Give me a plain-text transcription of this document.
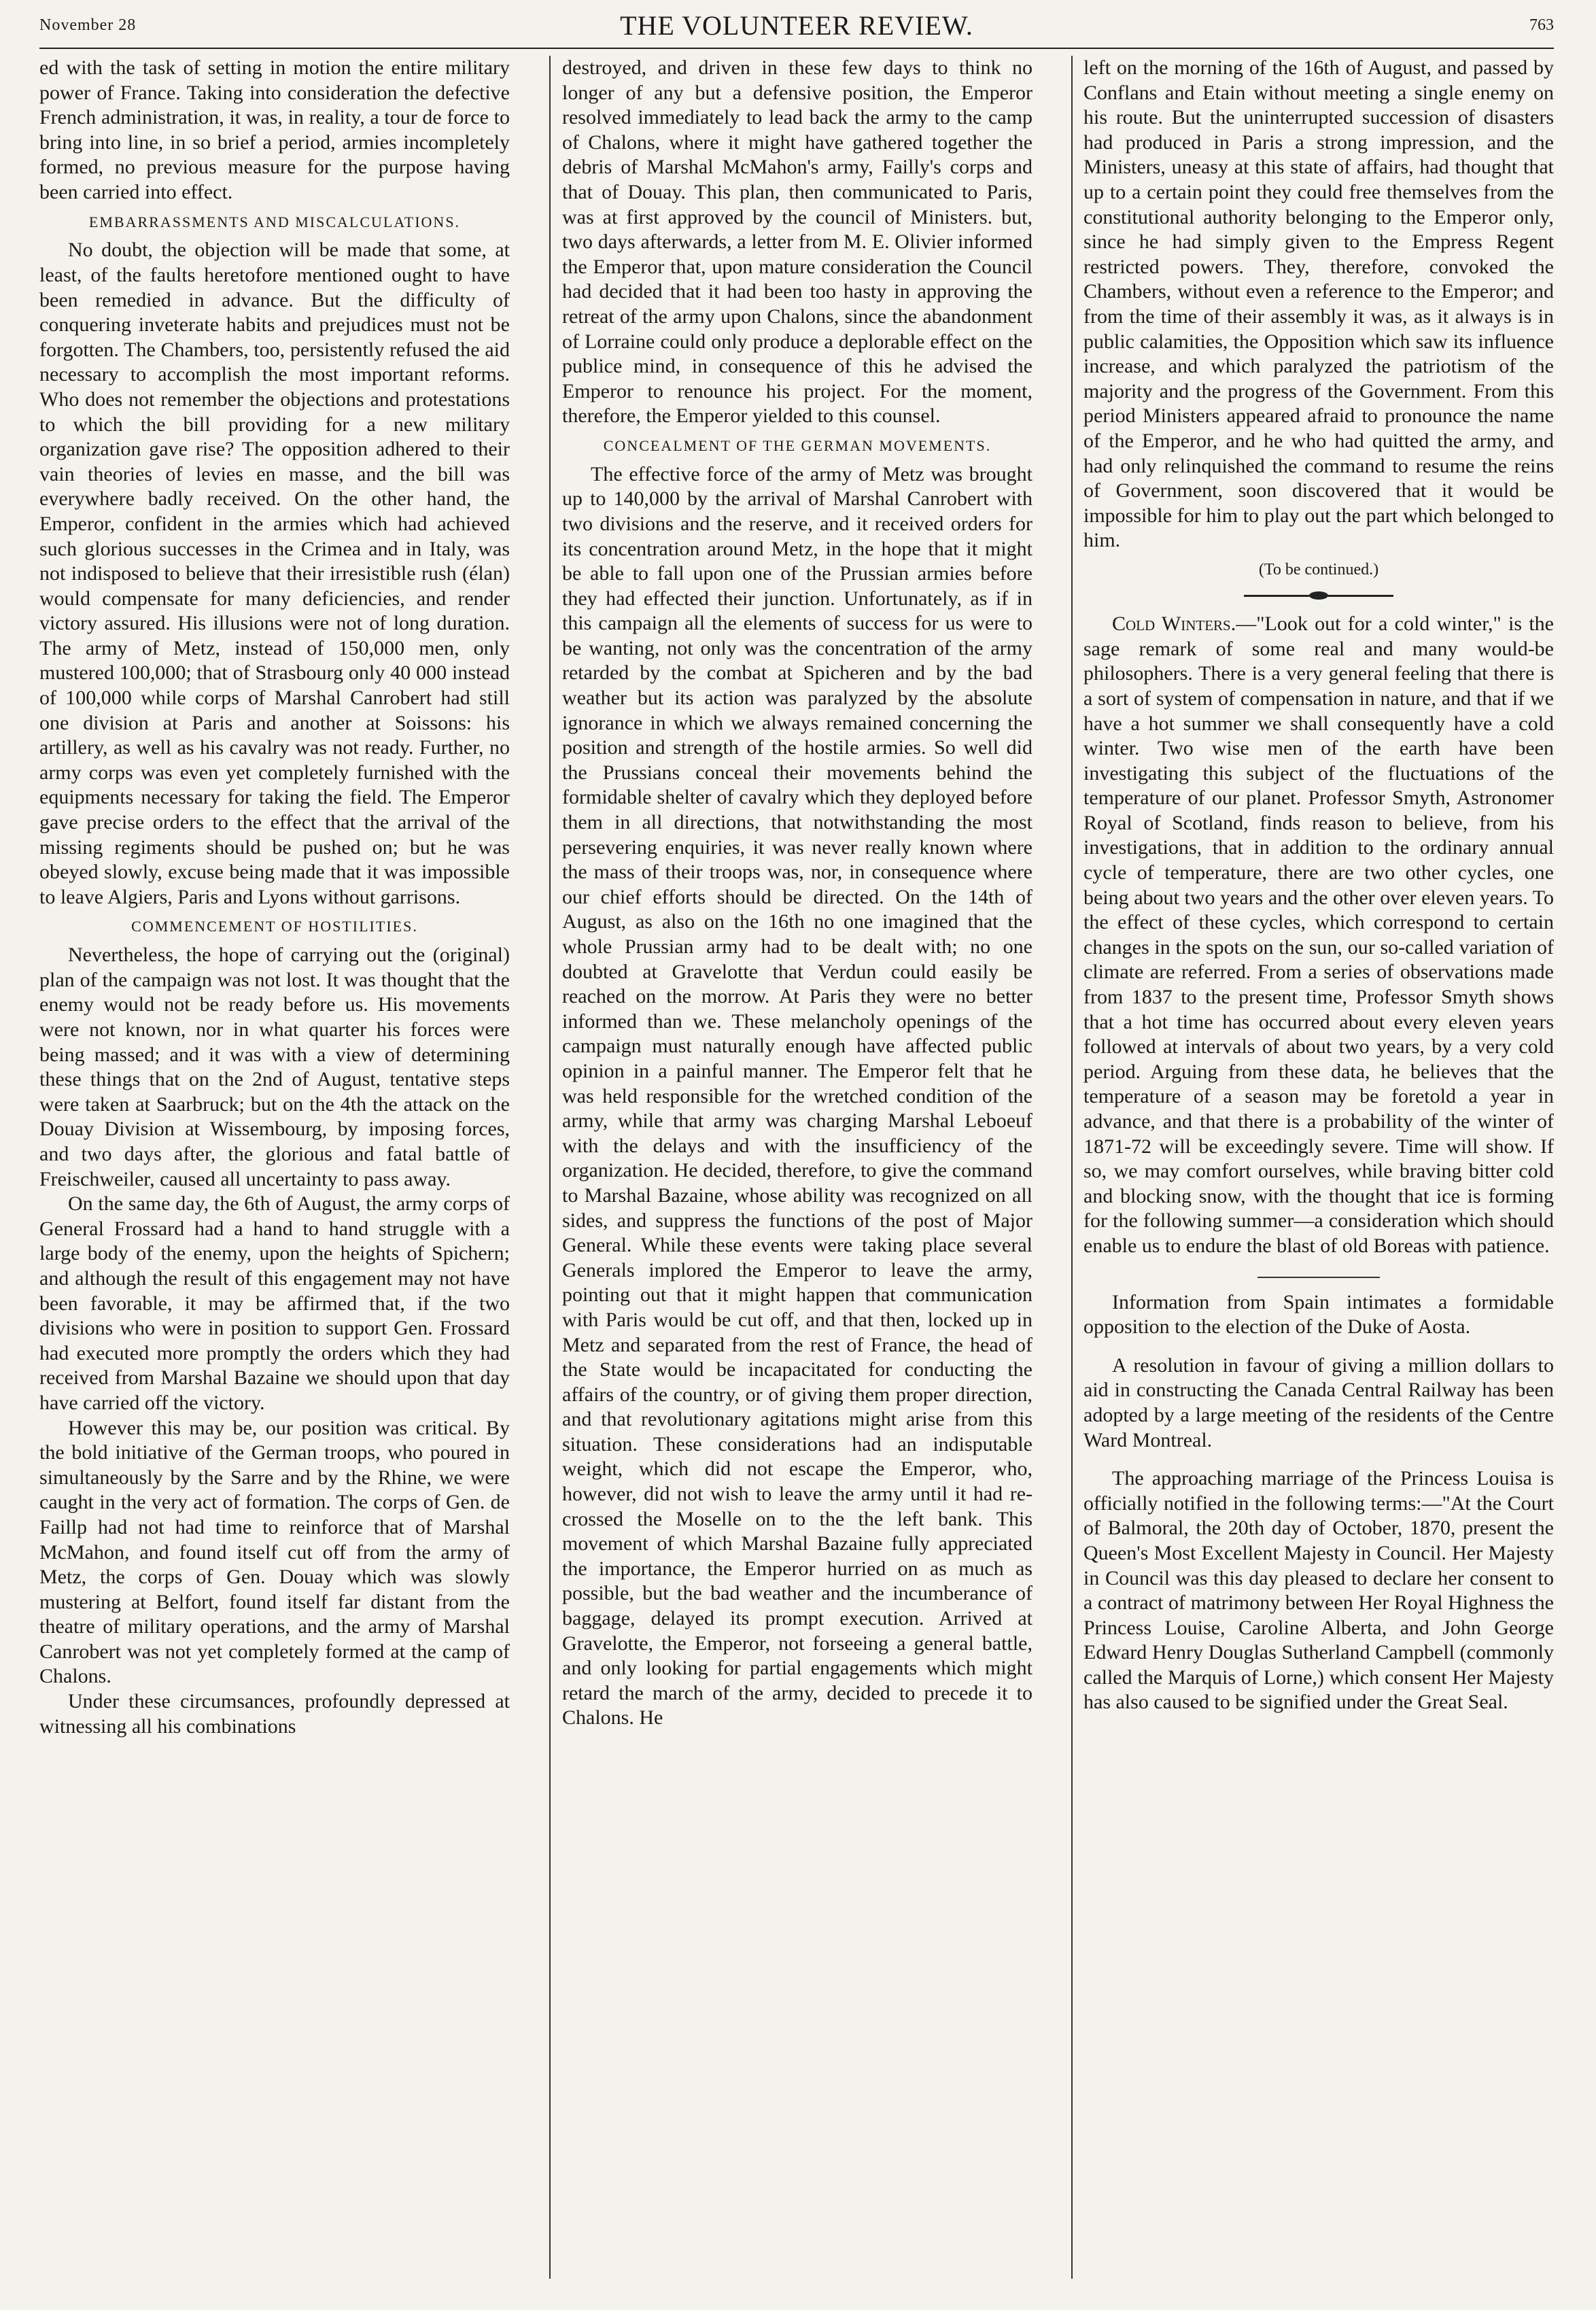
November 28	THE VOLUNTEER REVIEW.	763

ed with the task of setting in motion the entire military power of France. Taking into consideration the defective French administration, it was, in reality, a tour de force to bring into line, in so brief a period, armies incompletely formed, no previous measure for the purpose having been carried into effect.

EMBARRASSMENTS AND MISCALCULATIONS.

No doubt, the objection will be made that some, at least, of the faults heretofore mentioned ought to have been remedied in advance. But the difficulty of conquering inveterate habits and prejudices must not be forgotten. The Chambers, too, persistently refused the aid necessary to accomplish the most important reforms. Who does not remember the objections and protestations to which the bill providing for a new military organization gave rise? The opposition adhered to their vain theories of levies en masse, and the bill was everywhere badly received. On the other hand, the Emperor, confident in the armies which had achieved such glorious successes in the Crimea and in Italy, was not indisposed to believe that their irresistible rush (élan) would compensate for many deficiencies, and render victory assured. His illusions were not of long duration. The army of Metz, instead of 150,000 men, only mustered 100,000; that of Strasbourg only 40 000 instead of 100,000 while corps of Marshal Canrobert had still one division at Paris and another at Soissons: his artillery, as well as his cavalry was not ready. Further, no army corps was even yet completely furnished with the equipments necessary for taking the field. The Emperor gave precise orders to the effect that the arrival of the missing regiments should be pushed on; but he was obeyed slowly, excuse being made that it was impossible to leave Algiers, Paris and Lyons without garrisons.

COMMENCEMENT OF HOSTILITIES.

Nevertheless, the hope of carrying out the (original) plan of the campaign was not lost. It was thought that the enemy would not be ready before us. His movements were not known, nor in what quarter his forces were being massed; and it was with a view of determining these things that on the 2nd of August, tentative steps were taken at Saarbruck; but on the 4th the attack on the Douay Division at Wissembourg, by imposing forces, and two days after, the glorious and fatal battle of Freischweiler, caused all uncertainty to pass away.

On the same day, the 6th of August, the army corps of General Frossard had a hand to hand struggle with a large body of the enemy, upon the heights of Spichern; and although the result of this engagement may not have been favorable, it may be affirmed that, if the two divisions who were in position to support Gen. Frossard had executed more promptly the orders which they had received from Marshal Bazaine we should upon that day have carried off the victory.

However this may be, our position was critical. By the bold initiative of the German troops, who poured in simultaneously by the Sarre and by the Rhine, we were caught in the very act of formation. The corps of Gen. de Faillp had not had time to reinforce that of Marshal McMahon, and found itself cut off from the army of Metz, the corps of Gen. Douay which was slowly mustering at Belfort, found itself far distant from the theatre of military operations, and the army of Marshal Canrobert was not yet completely formed at the camp of Chalons.

Under these circumsances, profoundly depressed at witnessing all his combinations

destroyed, and driven in these few days to think no longer of any but a defensive position, the Emperor resolved immediately to lead back the army to the camp of Chalons, where it might have gathered together the debris of Marshal McMahon's army, Failly's corps and that of Douay. This plan, then communicated to Paris, was at first approved by the council of Ministers. but, two days afterwards, a letter from M. E. Olivier informed the Emperor that, upon mature consideration the Council had decided that it had been too hasty in approving the retreat of the army upon Chalons, since the abandonment of Lorraine could only produce a deplorable effect on the publice mind, in consequence of this he advised the Emperor to renounce his project. For the moment, therefore, the Emperor yielded to this counsel.

CONCEALMENT OF THE GERMAN MOVEMENTS.

The effective force of the army of Metz was brought up to 140,000 by the arrival of Marshal Canrobert with two divisions and the reserve, and it received orders for its concentration around Metz, in the hope that it might be able to fall upon one of the Prussian armies before they had effected their junction. Unfortunately, as if in this campaign all the elements of success for us were to be wanting, not only was the concentration of the army retarded by the combat at Spicheren and by the bad weather but its action was paralyzed by the absolute ignorance in which we always remained concerning the position and strength of the hostile armies. So well did the Prussians conceal their movements behind the formidable shelter of cavalry which they deployed before them in all directions, that notwithstanding the most persevering enquiries, it was never really known where the mass of their troops was, nor, in consequence where our chief efforts should be directed. On the 14th of August, as also on the 16th no one imagined that the whole Prussian army had to be dealt with; no one doubted at Gravelotte that Verdun could easily be reached on the morrow. At Paris they were no better informed than we. These melancholy openings of the campaign must naturally enough have affected public opinion in a painful manner. The Emperor felt that he was held responsible for the wretched condition of the army, while that army was charging Marshal Leboeuf with the delays and with the insufficiency of the organization. He decided, therefore, to give the command to Marshal Bazaine, whose ability was recognized on all sides, and suppress the functions of the post of Major General. While these events were taking place several Generals implored the Emperor to leave the army, pointing out that it might happen that communication with Paris would be cut off, and that then, locked up in Metz and separated from the rest of France, the head of the State would be incapacitated for conducting the affairs of the country, or of giving them proper direction, and that revolutionary agitations might arise from this situation. These considerations had an indisputable weight, which did not escape the Emperor, who, however, did not wish to leave the army until it had re-crossed the Moselle on to the the left bank. This movement of which Marshal Bazaine fully appreciated the importance, the Emperor hurried on as much as possible, but the bad weather and the incumberance of baggage, delayed its prompt execution. Arrived at Gravelotte, the Emperor, not forseeing a general battle, and only looking for partial engagements which might retard the march of the army, decided to precede it to Chalons. He

left on the morning of the 16th of August, and passed by Conflans and Etain without meeting a single enemy on his route. But the uninterrupted succession of disasters had produced in Paris a strong impression, and the Ministers, uneasy at this state of affairs, had thought that up to a certain point they could free themselves from the constitutional authority belonging to the Emperor only, since he had simply given to the Empress Regent restricted powers. They, therefore, convoked the Chambers, without even a reference to the Emperor; and from the time of their assembly it was, as it always is in public calamities, the Opposition which saw its influence increase, and which paralyzed the patriotism of the majority and the progress of the Government. From this period Ministers appeared afraid to pronounce the name of the Emperor, and he who had quitted the army, and had only relinquished the command to resume the reins of Government, soon discovered that it would be impossible for him to play out the part which belonged to him.

(To be continued.)

Cold Winters.—"Look out for a cold winter," is the sage remark of some real and many would-be philosophers. There is a very general feeling that there is a sort of system of compensation in nature, and that if we have a hot summer we shall consequently have a cold winter. Two wise men of the earth have been investigating this subject of the fluctuations of the temperature of our planet. Professor Smyth, Astronomer Royal of Scotland, finds reason to believe, from his investigations, that in addition to the ordinary annual cycle of temperature, there are two other cycles, one being about two years and the other over eleven years. To the effect of these cycles, which correspond to certain changes in the spots on the sun, our so-called variation of climate are referred. From a series of observations made from 1837 to the present time, Professor Smyth shows that a hot time has occurred about every eleven years followed at intervals of about two years, by a very cold period. Arguing from these data, he believes that the temperature of a season may be foretold a year in advance, and that there is a probability of the winter of 1871-72 will be exceedingly severe. Time will show. If so, we may comfort ourselves, while braving bitter cold and blocking snow, with the thought that ice is forming for the following summer—a consideration which should enable us to endure the blast of old Boreas with patience.

Information from Spain intimates a formidable opposition to the election of the Duke of Aosta.

A resolution in favour of giving a million dollars to aid in constructing the Canada Central Railway has been adopted by a large meeting of the residents of the Centre Ward Montreal.

The approaching marriage of the Princess Louisa is officially notified in the following terms:—"At the Court of Balmoral, the 20th day of October, 1870, present the Queen's Most Excellent Majesty in Council. Her Majesty in Council was this day pleased to declare her consent to a contract of matrimony between Her Royal Highness the Princess Louise, Caroline Alberta, and John George Edward Henry Douglas Sutherland Campbell (commonly called the Marquis of Lorne,) which consent Her Majesty has also caused to be signified under the Great Seal.
